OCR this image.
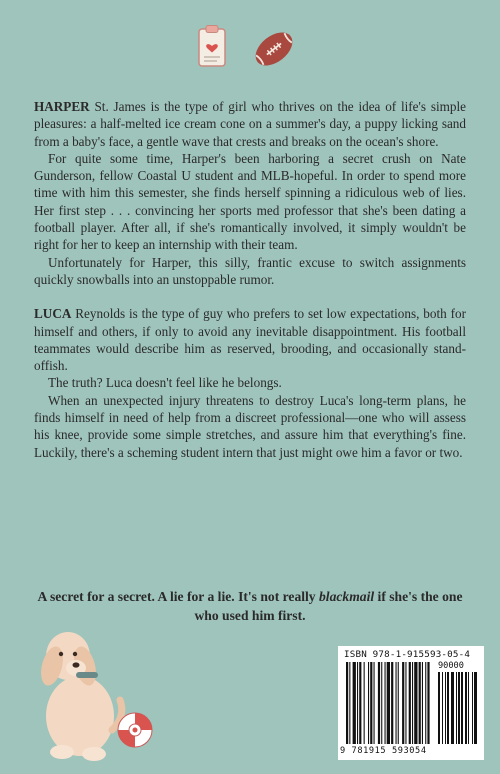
HARPER St. James is the type of girl who thrives on the idea of life's simple pleasures: a half-melted ice cream cone on a summer's day, a puppy licking sand from a baby's face, a gentle wave that crests and breaks on the ocean's shore.

For quite some time, Harper's been harboring a secret crush on Nate Gunderson, fellow Coastal U student and MLB-hopeful. In order to spend more time with him this semester, she finds herself spinning a ridiculous web of lies. Her first step . . . convincing her sports med professor that she's been dating a football player. After all, if she's romantically involved, it simply wouldn't be right for her to keep an internship with their team.

Unfortunately for Harper, this silly, frantic excuse to switch assignments quickly snowballs into an unstoppable rumor.

LUCA Reynolds is the type of guy who prefers to set low expectations, both for himself and others, if only to avoid any inevitable disappointment. His football teammates would describe him as reserved, brooding, and occasionally stand-offish.

The truth? Luca doesn't feel like he belongs.

When an unexpected injury threatens to destroy Luca's long-term plans, he finds himself in need of help from a discreet professional—one who will assess his knee, provide some simple stretches, and assure him that everything's fine. Luckily, there's a scheming student intern that just might owe him a favor or two.

A secret for a secret. A lie for a lie. It's not really blackmail if she's the one who used him first.
ISBN 978-1-915593-05-4
90000
9 781915 593054
